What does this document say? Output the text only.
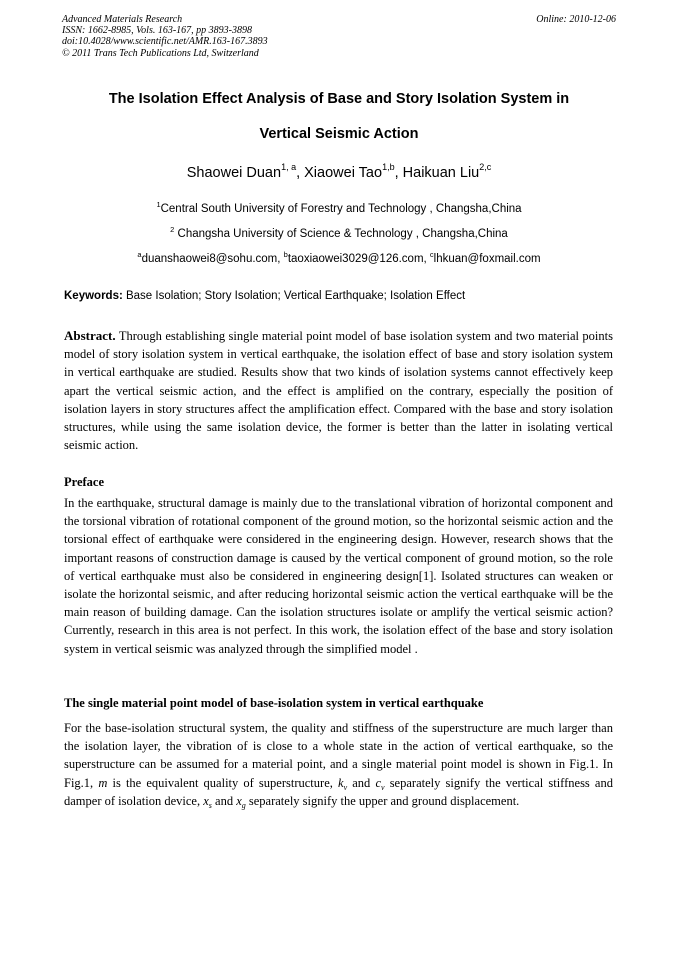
Advanced Materials Research
ISSN: 1662-8985, Vols. 163-167, pp 3893-3898
doi:10.4028/www.scientific.net/AMR.163-167.3893
© 2011 Trans Tech Publications Ltd, Switzerland
Online: 2010-12-06
The Isolation Effect Analysis of Base and Story Isolation System in
Vertical Seismic Action
Shaowei Duan$^{1, a}$, Xiaowei Tao$^{1,b}$, Haikuan Liu$^{2,c}$
$^1$Central South University of Forestry and Technology , Changsha,China
$^2$ Changsha University of Science & Technology , Changsha,China
$^a$duanshaowei8@sohu.com, $^b$taoxiaowei3029@126.com, $^c$lhkuan@foxmail.com
Keywords: Base Isolation; Story Isolation; Vertical Earthquake; Isolation Effect
Abstract. Through establishing single material point model of base isolation system and two material points model of story isolation system in vertical earthquake, the isolation effect of base and story isolation system in vertical earthquake are studied. Results show that two kinds of isolation systems cannot effectively keep apart the vertical seismic action, and the effect is amplified on the contrary, especially the position of isolation layers in story structures affect the amplification effect. Compared with the base and story isolation structures, while using the same isolation device, the former is better than the latter in isolating vertical seismic action.
Preface
In the earthquake, structural damage is mainly due to the translational vibration of horizontal component and the torsional vibration of rotational component of the ground motion, so the horizontal seismic action and the torsional effect of earthquake were considered in the engineering design. However, research shows that the important reasons of construction damage is caused by the vertical component of ground motion, so the role of vertical earthquake must also be considered in engineering design[1]. Isolated structures can weaken or isolate the horizontal seismic, and after reducing horizontal seismic action the vertical earthquake will be the main reason of building damage. Can the isolation structures isolate or amplify the vertical seismic action? Currently, research in this area is not perfect. In this work, the isolation effect of the base and story isolation system in vertical seismic was analyzed through the simplified model .
The single material point model of base-isolation system in vertical earthquake
For the base-isolation structural system, the quality and stiffness of the superstructure are much larger than the isolation layer, the vibration of is close to a whole state in the action of vertical earthquake, so the superstructure can be assumed for a material point, and a single material point model is shown in Fig.1. In Fig.1, m is the equivalent quality of superstructure, $k_v$ and $c_v$ separately signify the vertical stiffness and damper of isolation device, $x_s$ and $x_g$ separately signify the upper and ground displacement.
